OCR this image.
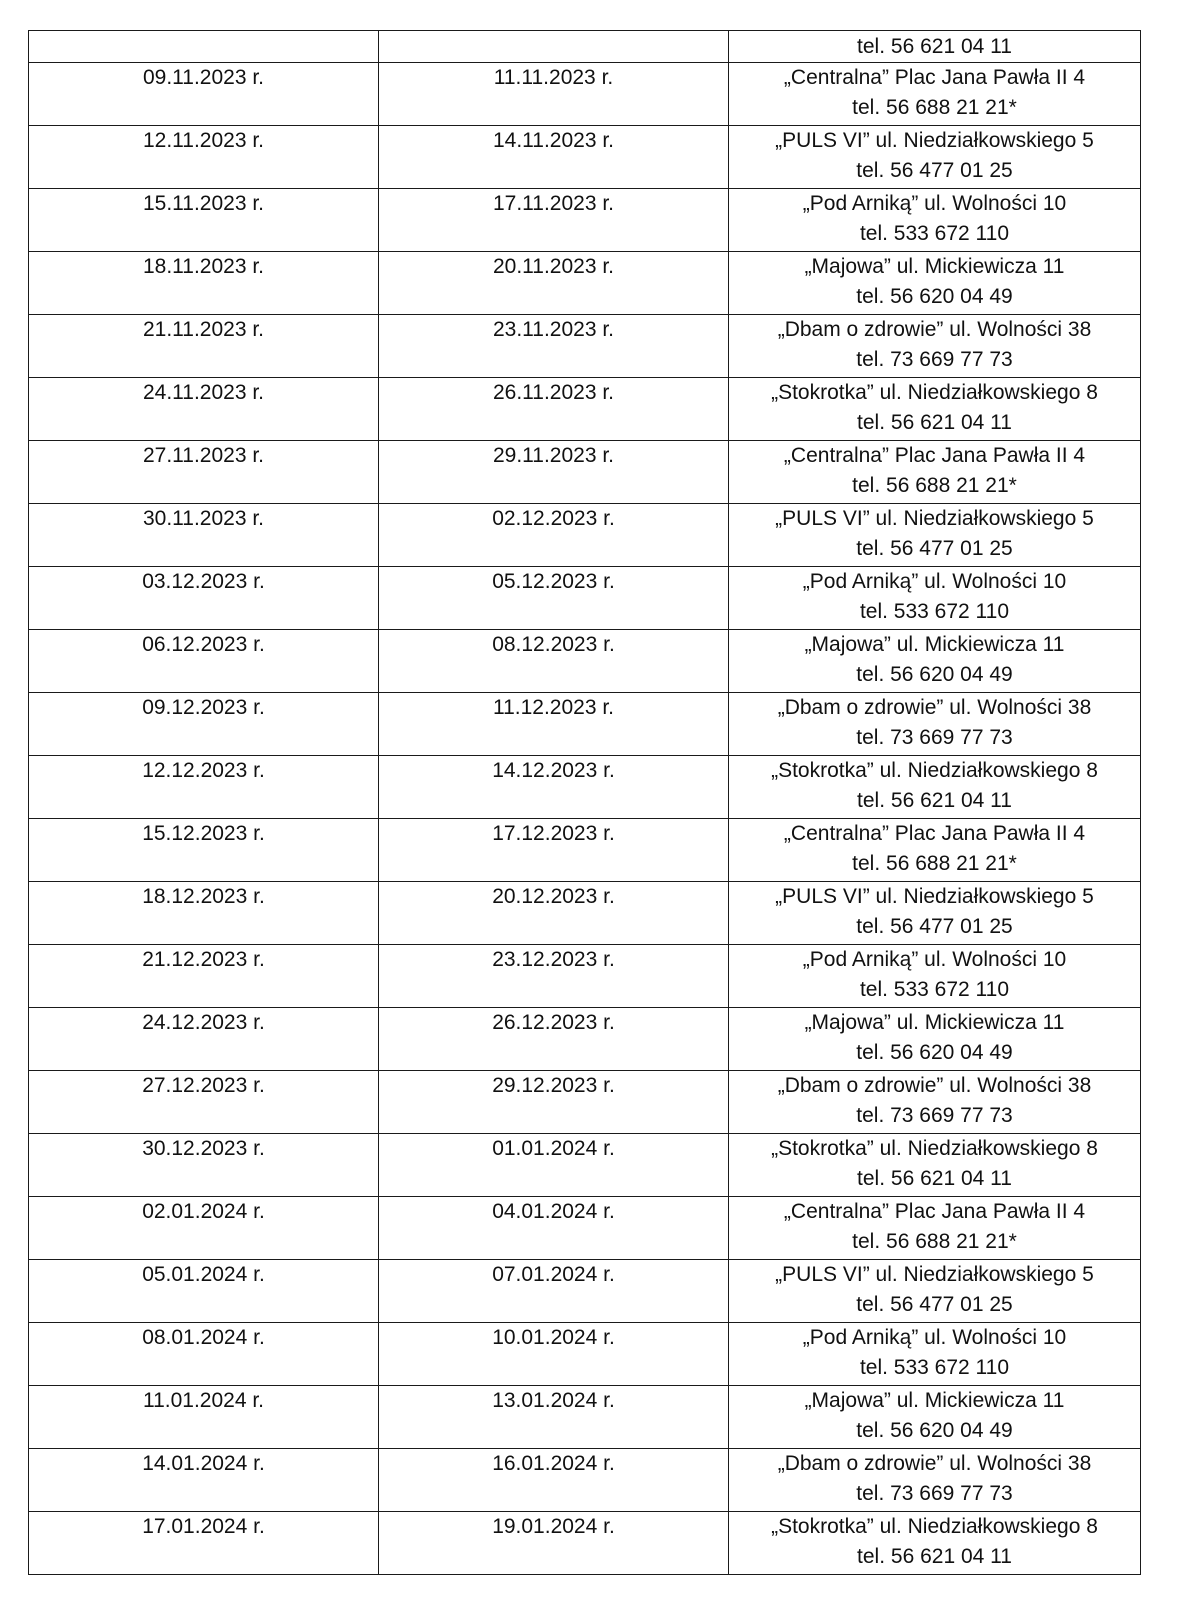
		tel. 56 621 04 11

09.11.2023 r.	11.11.2023 r.	„Centralna” Plac Jana Pawła II 4
tel. 56 688 21 21*

12.11.2023 r.	14.11.2023 r.	„PULS VI” ul. Niedziałkowskiego 5
tel. 56 477 01 25

15.11.2023 r.	17.11.2023 r.	„Pod Arniką” ul. Wolności 10
tel. 533 672 110

18.11.2023 r.	20.11.2023 r.	„Majowa” ul. Mickiewicza 11
tel. 56 620 04 49

21.11.2023 r.	23.11.2023 r.	„Dbam o zdrowie” ul. Wolności 38
tel. 73 669 77 73

24.11.2023 r.	26.11.2023 r.	„Stokrotka” ul. Niedziałkowskiego 8
tel. 56 621 04 11

27.11.2023 r.	29.11.2023 r.	„Centralna” Plac Jana Pawła II 4
tel. 56 688 21 21*

30.11.2023 r.	02.12.2023 r.	„PULS VI” ul. Niedziałkowskiego 5
tel. 56 477 01 25

03.12.2023 r.	05.12.2023 r.	„Pod Arniką” ul. Wolności 10
tel. 533 672 110

06.12.2023 r.	08.12.2023 r.	„Majowa” ul. Mickiewicza 11
tel. 56 620 04 49

09.12.2023 r.	11.12.2023 r.	„Dbam o zdrowie” ul. Wolności 38
tel. 73 669 77 73

12.12.2023 r.	14.12.2023 r.	„Stokrotka” ul. Niedziałkowskiego 8
tel. 56 621 04 11

15.12.2023 r.	17.12.2023 r.	„Centralna” Plac Jana Pawła II 4
tel. 56 688 21 21*

18.12.2023 r.	20.12.2023 r.	„PULS VI” ul. Niedziałkowskiego 5
tel. 56 477 01 25

21.12.2023 r.	23.12.2023 r.	„Pod Arniką” ul. Wolności 10
tel. 533 672 110

24.12.2023 r.	26.12.2023 r.	„Majowa” ul. Mickiewicza 11
tel. 56 620 04 49

27.12.2023 r.	29.12.2023 r.	„Dbam o zdrowie” ul. Wolności 38
tel. 73 669 77 73

30.12.2023 r.	01.01.2024 r.	„Stokrotka” ul. Niedziałkowskiego 8
tel. 56 621 04 11

02.01.2024 r.	04.01.2024 r.	„Centralna” Plac Jana Pawła II 4
tel. 56 688 21 21*

05.01.2024 r.	07.01.2024 r.	„PULS VI” ul. Niedziałkowskiego 5
tel. 56 477 01 25

08.01.2024 r.	10.01.2024 r.	„Pod Arniką” ul. Wolności 10
tel. 533 672 110

11.01.2024 r.	13.01.2024 r.	„Majowa” ul. Mickiewicza 11
tel. 56 620 04 49

14.01.2024 r.	16.01.2024 r.	„Dbam o zdrowie” ul. Wolności 38
tel. 73 669 77 73

17.01.2024 r.	19.01.2024 r.	„Stokrotka” ul. Niedziałkowskiego 8
tel. 56 621 04 11
